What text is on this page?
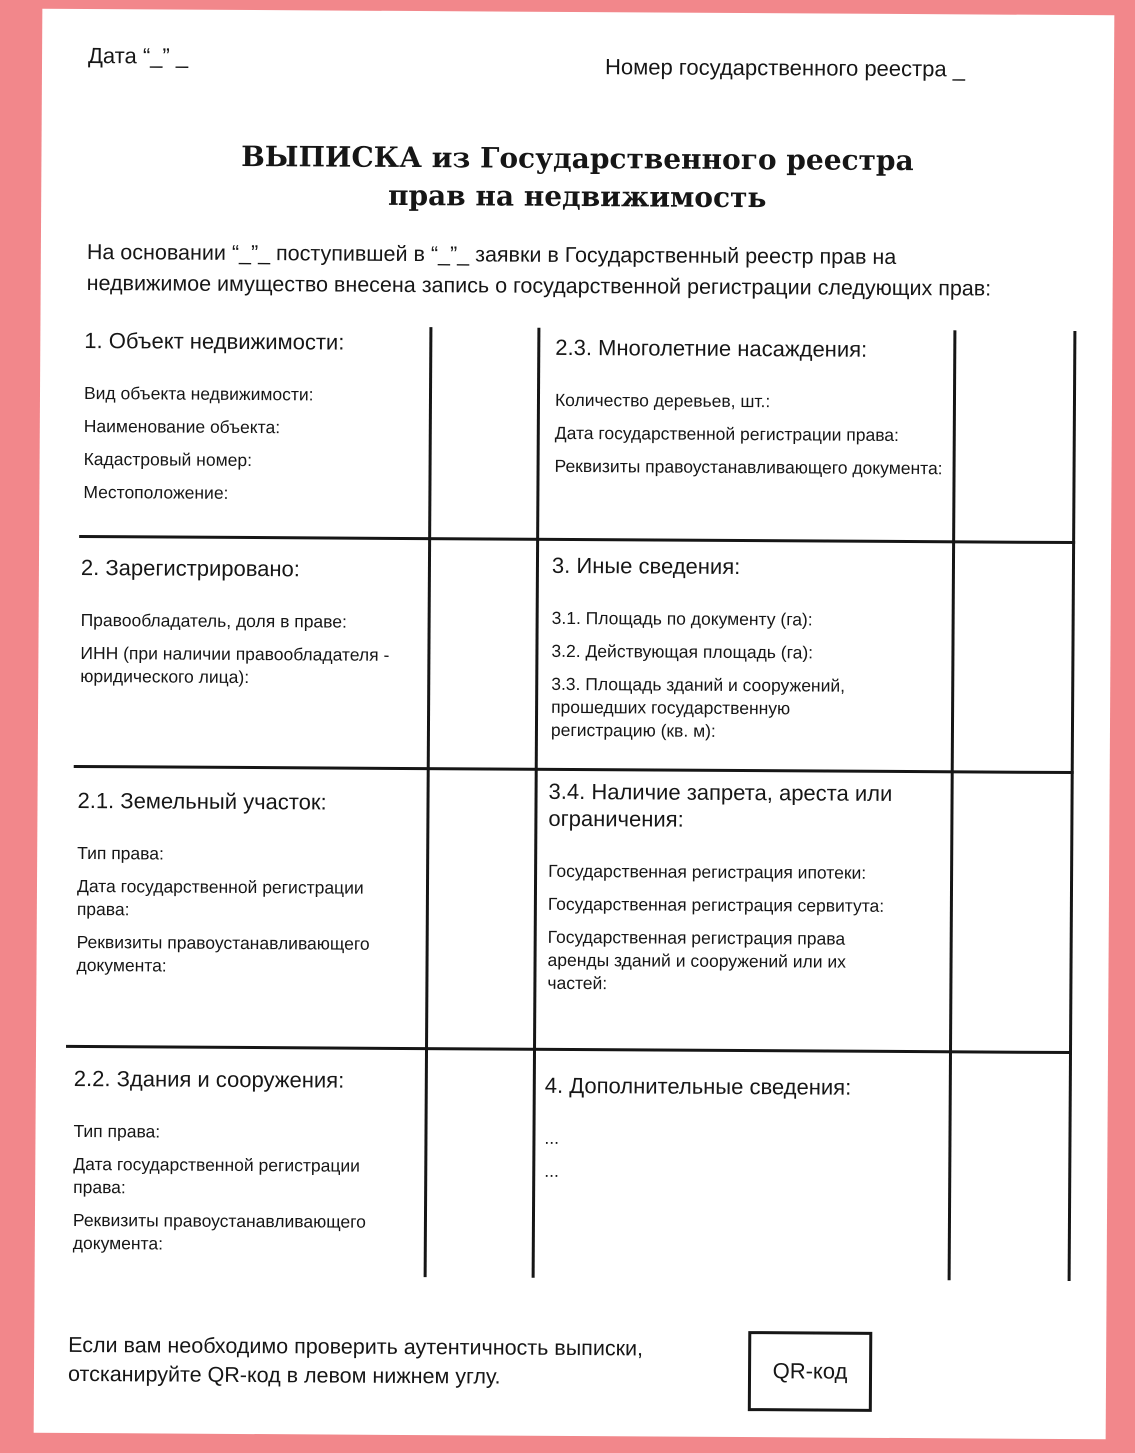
Дата “_” _	Номер государственного реестра _
ВЫПИСКА из Государственного реестра
прав на недвижимость
На основании “_”_ поступившей в “_”_ заявки в Государственный реестр прав на
недвижимое имущество внесена запись о государственной регистрации следующих прав:
1. Объект недвижимости:
Вид объекта недвижимости:
Наименование объекта:
Кадастровый номер:
Местоположение:
2. Зарегистрировано:
Правообладатель, доля в праве:
ИНН (при наличии правообладателя - юридического лица):
2.1. Земельный участок:
Тип права:
Дата государственной регистрации права:
Реквизиты правоустанавливающего документа:
2.2. Здания и сооружения:
Тип права:
Дата государственной регистрации права:
Реквизиты правоустанавливающего документа:
2.3. Многолетние насаждения:
Количество деревьев, шт.:
Дата государственной регистрации права:
Реквизиты правоустанавливающего документа:
3. Иные сведения:
3.1. Площадь по документу (га):
3.2. Действующая площадь (га):
3.3. Площадь зданий и сооружений, прошедших государственную регистрацию (кв. м):
3.4. Наличие запрета, ареста или ограничения:
Государственная регистрация ипотеки:
Государственная регистрация сервитута:
Государственная регистрация права аренды зданий и сооружений или их частей:
4. Дополнительные сведения:
...
...
Если вам необходимо проверить аутентичность выписки, отсканируйте QR-код в левом нижнем углу.	QR-код
